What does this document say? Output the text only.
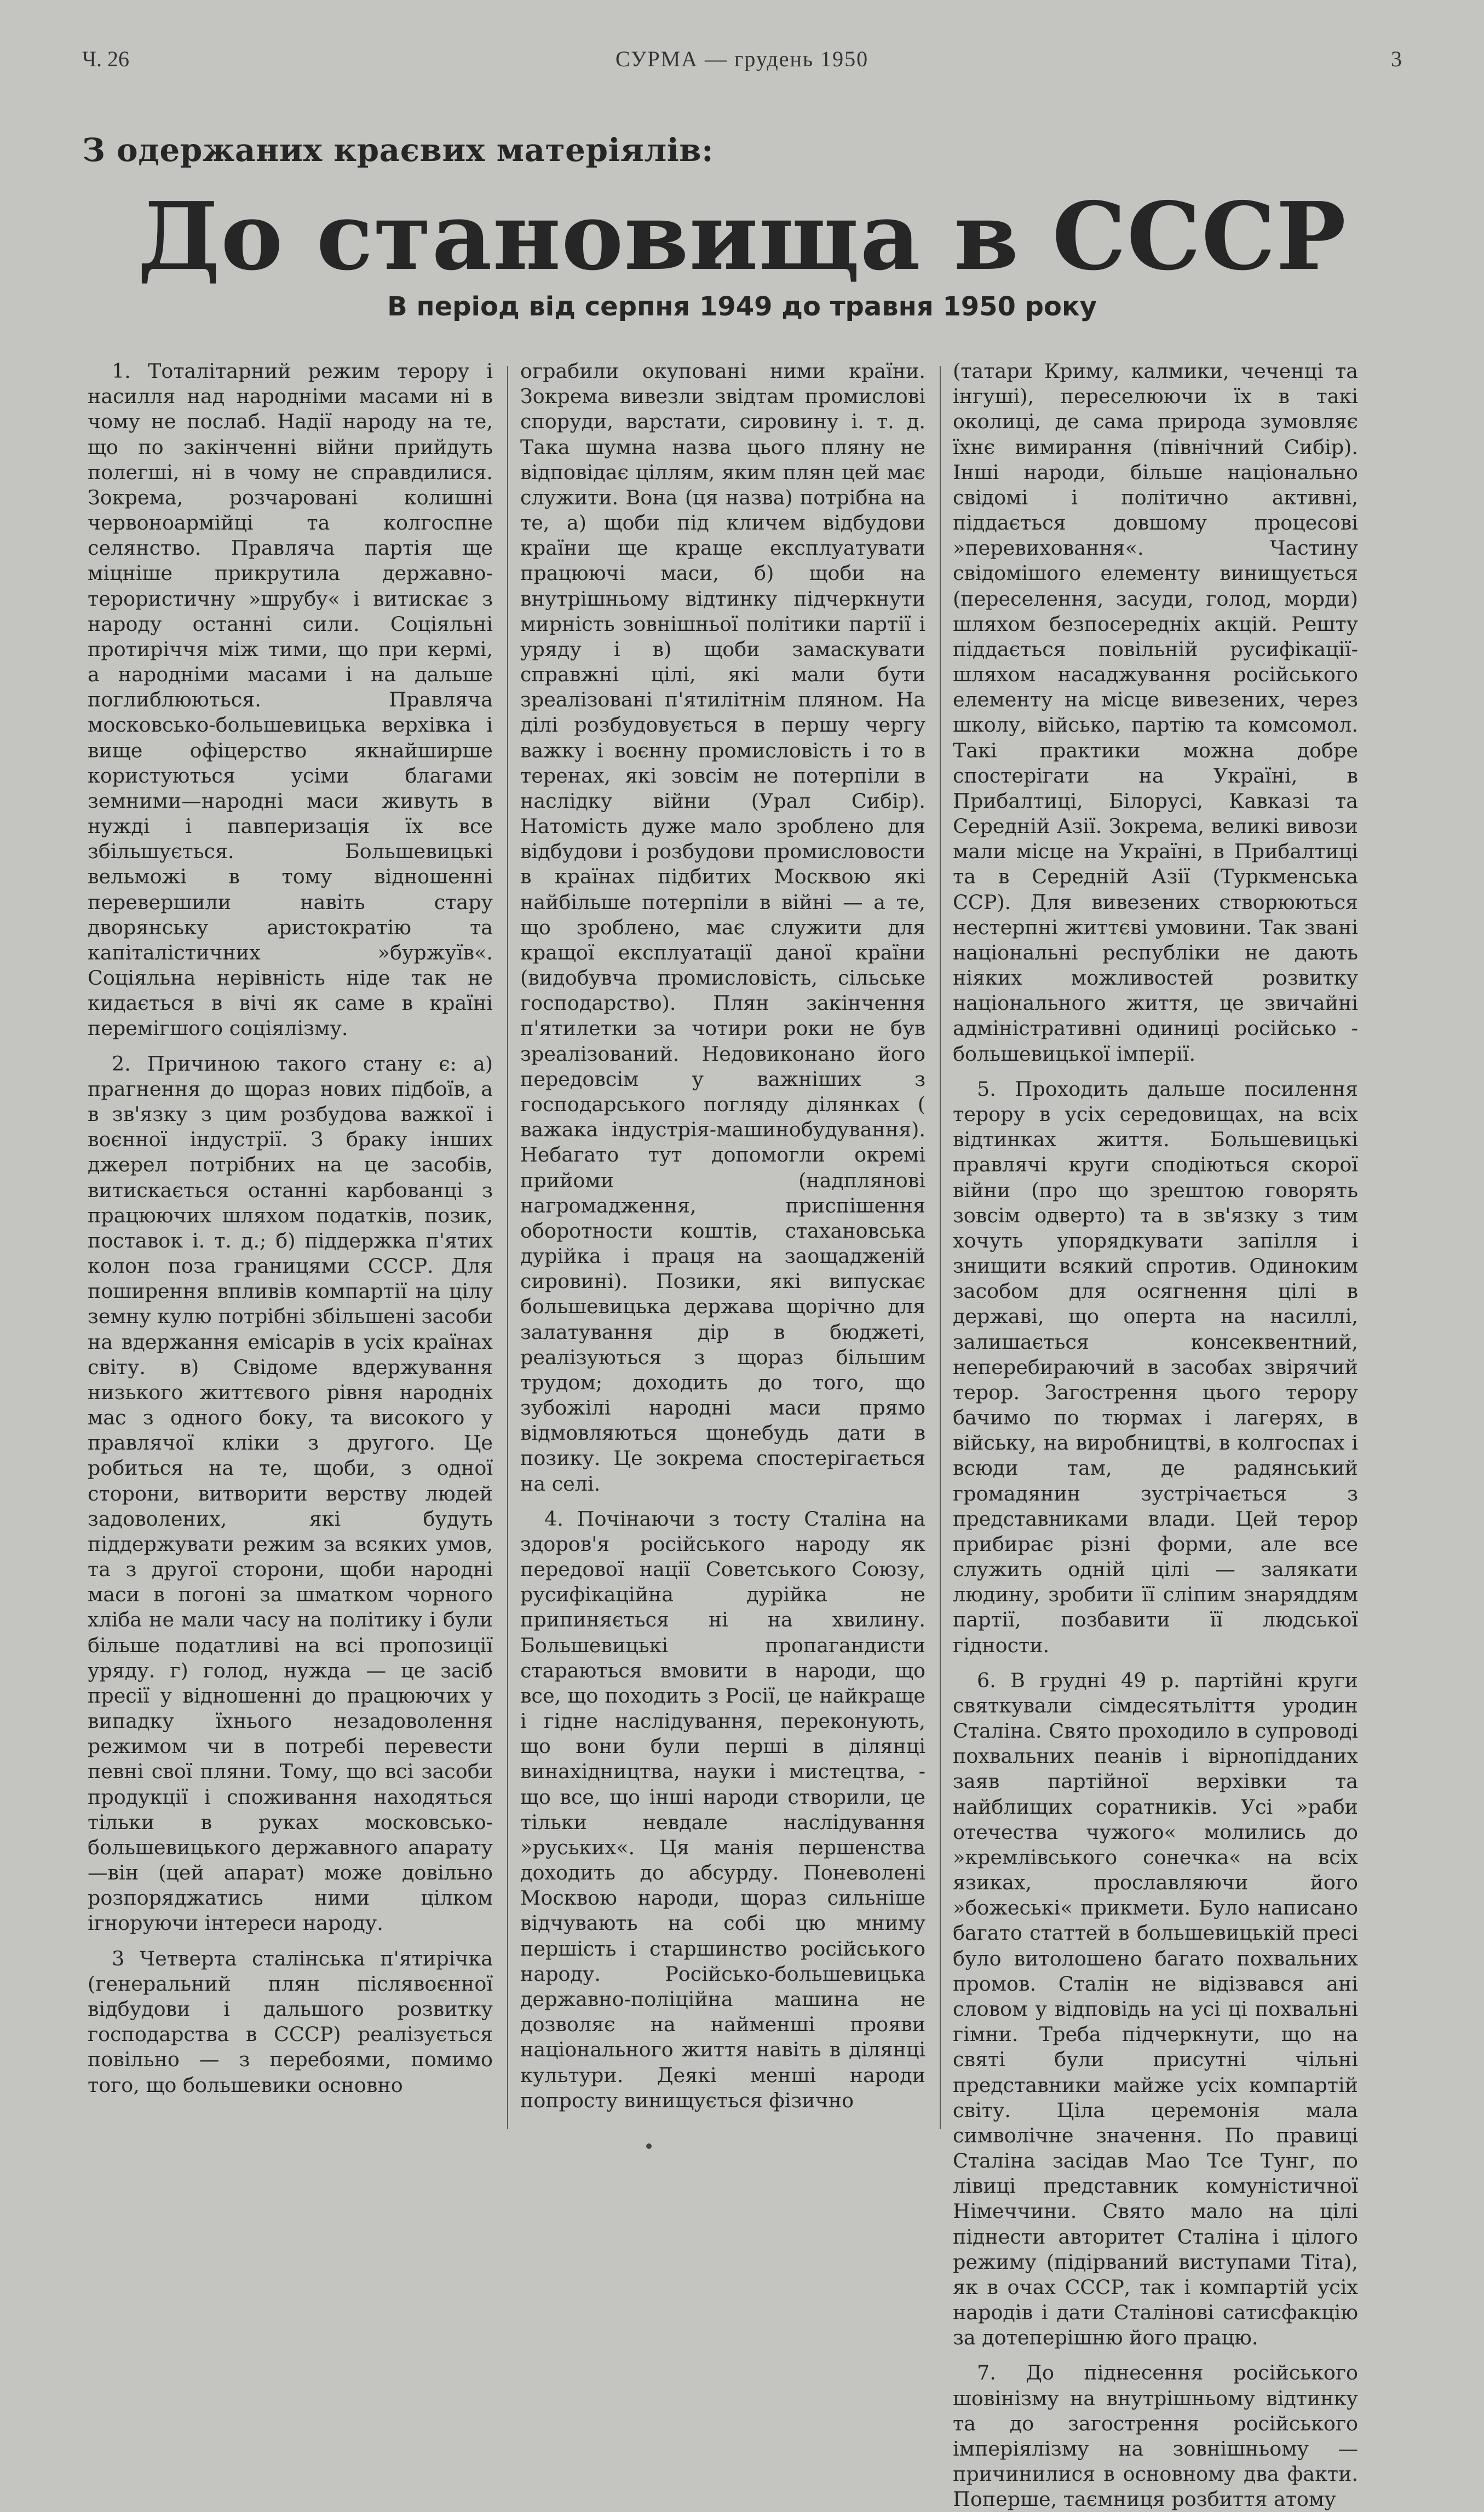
Ч. 26	СУРМА — грудень 1950	3
З одержаних краєвих матеріялів:
До становища в СССР
В період від серпня 1949 до травня 1950 року

1. Тоталітарний режим терору і насилля над народніми масами ні в чому не послаб. Надії народу на те, що по закінченні війни прийдуть полегші, ні в чому не справдилися. Зокрема, розчаровані колишні червоноармійці та колгоспне селянство. Правляча партія ще міцніше прикрутила державно-терористичну »шрубу« і витискає з народу останні сили. Соціяльні протиріччя між тими, що при кермі, а народніми масами і на дальше поглиблюються. Правляча московсько-большевицька верхівка і вище офіцерство якнайширше користуються усіми благами земними—народні маси живуть в нужді і павперизація їх все збільшується. Большевицькі вельможі в тому відношенні перевершили навіть стару дворянську аристократію та капіталістичних »буржуїв«. Соціяльна нерівність ніде так не кидається в вічі як саме в країні перемігшого соціялізму.

2. Причиною такого стану є: а) прагнення до щораз нових підбоїв, а в зв'язку з цим розбудова важкої і воєнної індустрії. З браку інших джерел потрібних на це засобів, витискається останні карбованці з працюючих шляхом податків, позик, поставок і. т. д.; б) піддержка п'ятих колон поза границями СССР. Для поширення впливів компартії на цілу земну кулю потрібні збільшені засоби на вдержання емісарів в усіх країнах світу. в) Свідоме вдержування низького життєвого рівня народніх мас з одного боку, та високого у правлячої кліки з другого. Це робиться на те, щоби, з одної сторони, витворити верству людей задоволених, які будуть піддержувати режим за всяких умов, та з другої сторони, щоби народні маси в погоні за шматком чорного хліба не мали часу на політику і були більше податливі на всі пропозиції уряду. г) голод, нужда — це засіб пресії у відношенні до працюючих у випадку їхнього незадоволення режимом чи в потребі перевести певні свої пляни. Тому, що всі засоби продукції і споживання находяться тільки в руках московсько-большевицького державного апарату—він (цей апарат) може довільно розпоряджатись ними цілком ігноруючи інтереси народу.

3 Четверта сталінська п'ятирічка (генеральний плян післявоєнної відбудови і дальшого розвитку господарства в СССР) реалізується повільно — з перебоями, помимо того, що большевики основно

ограбили окупованi ними країни. Зокрема вивезли звідтам промислові споруди, варстати, сировину і. т. д. Така шумна назва цього пляну не відповідає ціллям, яким плян цей має служити. Вона (ця назва) потрібна на те, а) щоби під кличем відбудови країни ще краще експлуатувати працюючі маси, б) щоби на внутрішньому відтинку підчеркнути мирність зовнішньої політики партії і уряду і в) щоби замаскувати справжні цілі, які мали бути зреалізовані п'ятилітнім пляном. На ділі розбудовується в першу чергу важку і воєнну промисловість і то в теренах, які зовсім не потерпіли в наслідку війни (Урал Сибір). Натомість дуже мало зроблено для відбудови і розбудови промисловости в країнах підбитих Москвою які найбільше потерпіли в війні — а те, що зроблено, має служити для кращої експлуатації даної країни (видобувча промисловість, сільське господарство). Плян закінчення п'ятилетки за чотири роки не був зреалізований. Недовиконано його передовсім у важніших з господарського погляду ділянках ( важака індустрія-машинобудування). Небагато тут допомогли окремі прийоми (надплянові нагромадження, приспішення оборотности коштів, стахановська дурійка і праця на заощадженій сировині). Позики, які випускає большевицька держава щорічно для залатування дір в бюджеті, реалізуються з щораз більшим трудом; доходить до того, що зубожілі народні маси прямо відмовляються щонебудь дати в позику. Це зокрема спостерігається на селі.

4. Почінаючи з тосту Сталіна на здоров'я російського народу як передової нації Советського Союзу, русифікаційна дурійка не припиняється ні на хвилину. Большевицькі пропагандисти стараються вмовити в народи, що все, що походить з Росії, це найкраще і гідне наслідування, переконують, що вони були перші в ділянці винахідництва, науки і мистецтва, - що все, що інші народи створили, це тільки невдале наслідування »руських«. Ця манія першенства доходить до абсурду. Поневолені Москвою народи, щораз сильніше відчувають на собі цю мниму першість і старшинство російського народу. Російсько-большевицька державно-поліційна машина не дозволяє на найменші прояви національного життя навіть в ділянці культури. Деякі менші народи попросту винищується фізично

(татари Криму, калмики, чеченці та інгуші), переселюючи їх в такі околиці, де сама природа зумовляє їхнє вимирання (північний Сибір). Інші народи, більше національно свідомі і політично активні, піддається довшому процесові »перевиховання«. Частину свідомішого елементу винищується (переселення, засуди, голод, морди) шляхом безпосередніх акцій. Решту піддається повільній русифікації-шляхом насаджування російського елементу на місце вивезених, через школу, військо, партію та комсомол. Такі практики можна добре спостерігати на Україні, в Прибалтиці, Білорусі, Кавказі та Середній Азії. Зокрема, великі вивози мали місце на Україні, в Прибалтиці та в Середній Азії (Туркменська ССР). Для вивезених створюються нестерпні життєві умовини. Так звані національні республіки не дають ніяких можливостей розвитку національного життя, це звичайні адміністративні одиниці російсько - большевицької імперії.

5. Проходить дальше посилення терору в усіх середовищах, на всіх відтинках життя. Большевицькі правлячі круги сподіються скорої війни (про що зрештою говорять зовсім одверто) та в зв'язку з тим хочуть упорядкувати запілля і знищити всякий спротив. Одиноким засобом для осягнення цілі в державі, що оперта на насиллі, залишається консеквентний, неперебираючий в засобах звірячий терор. Загострення цього терору бачимо по тюрмах і лагерях, в війську, на виробництві, в колгоспах і всюди там, де радянський громадянин зустрічається з представниками влади. Цей терор прибирає різні форми, але все служить одній цілі — залякати людину, зробити її сліпим знаряддям партії, позбавити її людської гідности.

6. В грудні 49 р. партійні круги святкували сімдесятьліття уродин Сталіна. Свято проходило в супроводі похвальних пеанів і вірнопідданих заяв партійної верхівки та найблищих соратників. Усі »раби отечества чужого« молились до »кремлівського сонечка« на всіх язиках, прославляючи його »божеські« прикмети. Було написано багато статтей в большевицькій пресі було витолошено багато похвальних промов. Сталін не відізвався ані словом у відповідь на усі ці похвальні гімни. Треба підчеркнути, що на святі були присутні чільні представники майже усіх компартій світу. Ціла церемонія мала символічне значення. По правиці Сталіна засідав Мао Тсе Тунг, по лівиці представник комуністичної Німеччини. Свято мало на цілі піднести авторитет Сталіна і цілого режиму (підірваний виступами Тіта), як в очах СССР, так і компартій усіх народів і дати Сталінові сатисфакцію за дотеперішню його працю.

7. До піднесення російського шовінізму на внутрішньому відтинку та до загострення російського імперіялізму на зовнішньому — причинилися в основному два факти. Поперше, таємниця розбиття атому
